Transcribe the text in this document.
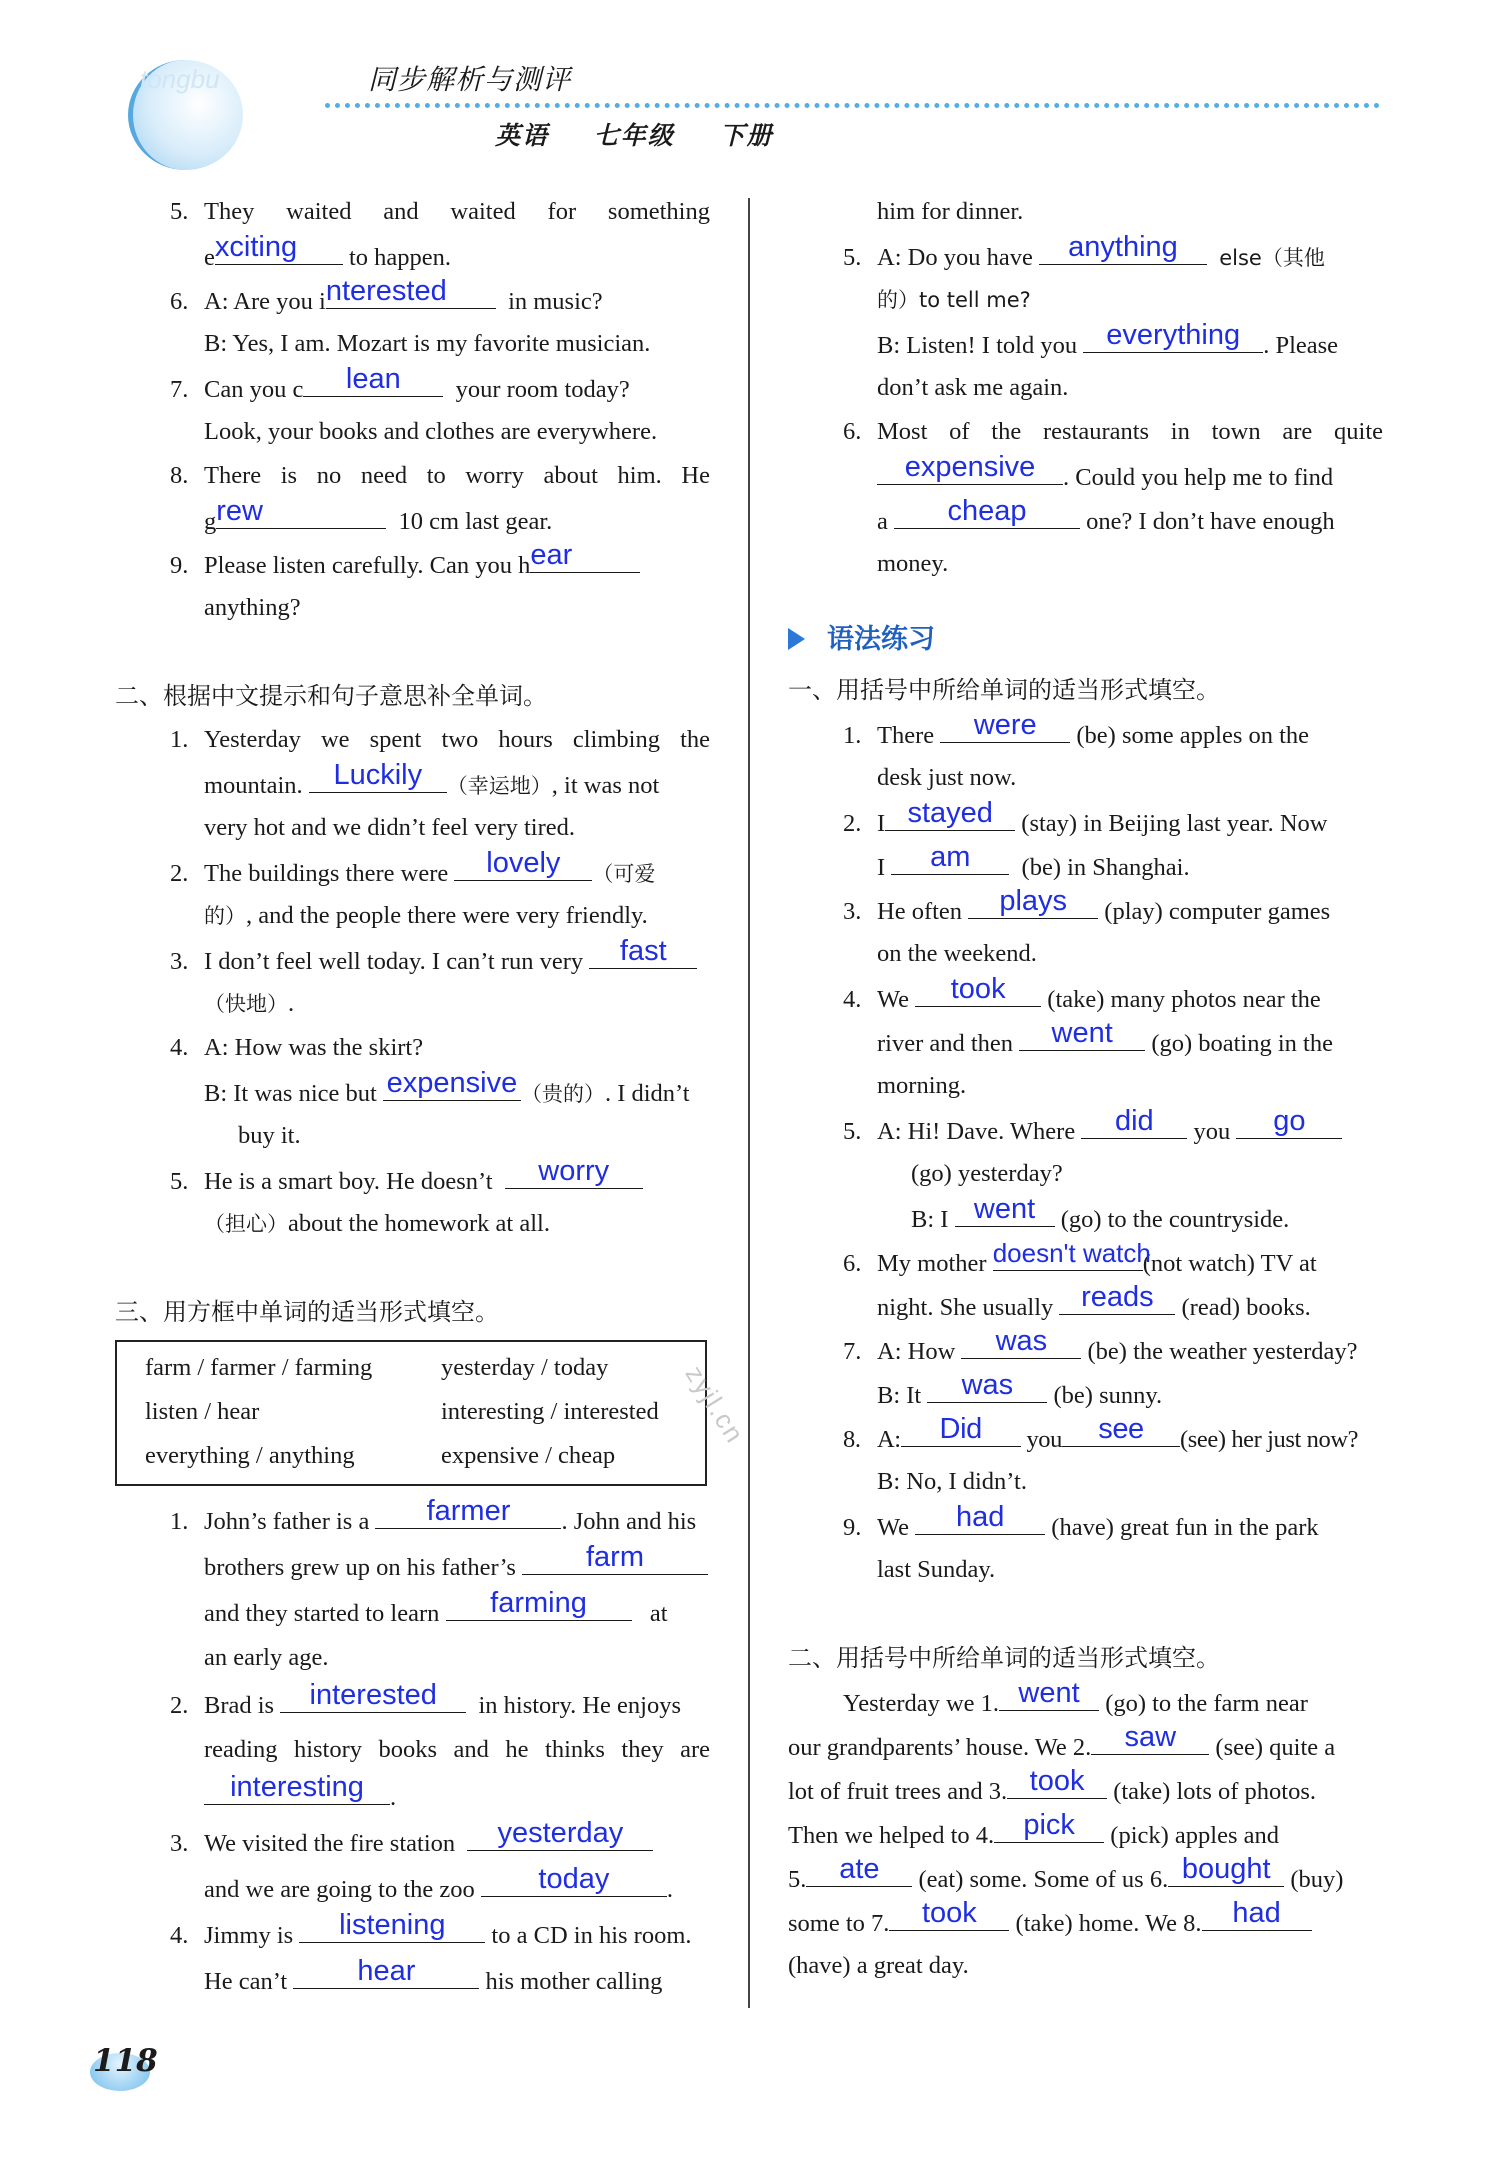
tongbu	同步解析与测评
英语 七年级 下册
5. They waited and waited for something
e xciting	to happen.
6. A: Are you i nterested	in music?
B: Yes, I am. Mozart is my favorite musician.
7. Can you c	lean	your room today?
Look, your books and clothes are everywhere.
8. There is no need to worry about him. He
g rew	10 cm last gear.
9. Please listen carefully. Can you h ear
anything?
二、根据中文提示和句子意思补全单词。
1. Yesterday we spent two hours climbing the
mountain.	Luckily	（幸运地）, it was not
very hot and we didn’t feel very tired.
2. The buildings there were	lovely	（可爱
的）, and the people there were very friendly.
3. I don’t feel well today. I can’t run very	fast
（快地）.
4. A: How was the skirt?
B: It was nice but expensive （贵的）. I didn’t
buy it.
5. He is a smart boy. He doesn’t	worry
（担心）about the homework at all.
三、用方框中单词的适当形式填空。
farm / farmer / farming	yesterday / today
listen / hear	interesting / interested
everything / anything	expensive / cheap
1. John’s father is a	farmer	. John and his
brothers grew up on his father’s	farm
and they started to learn	farming	at
an early age.
2. Brad is	interested	in history. He enjoys
reading history books and he thinks they are
interesting	.
3. We visited the fire station	yesterday
and we are going to the zoo	today	.
4. Jimmy is	listening	to a CD in his room.
He can’t	hear	his mother calling
him for dinner.
5. A: Do you have	anything	else（其他
的）to tell me?
B: Listen! I told you	everything . Please
don’t ask me again.
6. Most of the restaurants in town are quite
expensive	. Could you help me to find
a	cheap	one? I don’t have enough
money.
语法练习
一、用括号中所给单词的适当形式填空。
1. There	were	(be) some apples on the
desk just now.
2. I stayed	(stay) in Beijing last year. Now
I	am	(be) in Shanghai.
3. He often	plays	(play) computer games
on the weekend.
4. We	took	(take) many photos near the
river and then	went	(go) boating in the
morning.
5. A: Hi! Dave. Where	did	you	go
(go) yesterday?
B: I went	(go) to the countryside.
6. My mother doesn't watch
(not watch) TV at
night. She usually reads	(read) books.
7. A: How	was	(be) the weather yesterday?
B: It	was	(be) sunny.
8. A:	Did	you	see	(see) her just now?
B: No, I didn’t.
9. We	had	(have) great fun in the park
last Sunday.
二、用括号中所给单词的适当形式填空。
Yesterday we 1. went	(go) to the farm near
our grandparents’ house. We 2.	saw	(see) quite a
lot of fruit trees and 3. took	(take) lots of photos.
Then we helped to 4.	pick	(pick) apples and
5.	ate	(eat) some. Some of us 6. bought (buy)
some to 7.	took	(take) home. We 8.	had
(have) a great day.
zyjl.cn
118
